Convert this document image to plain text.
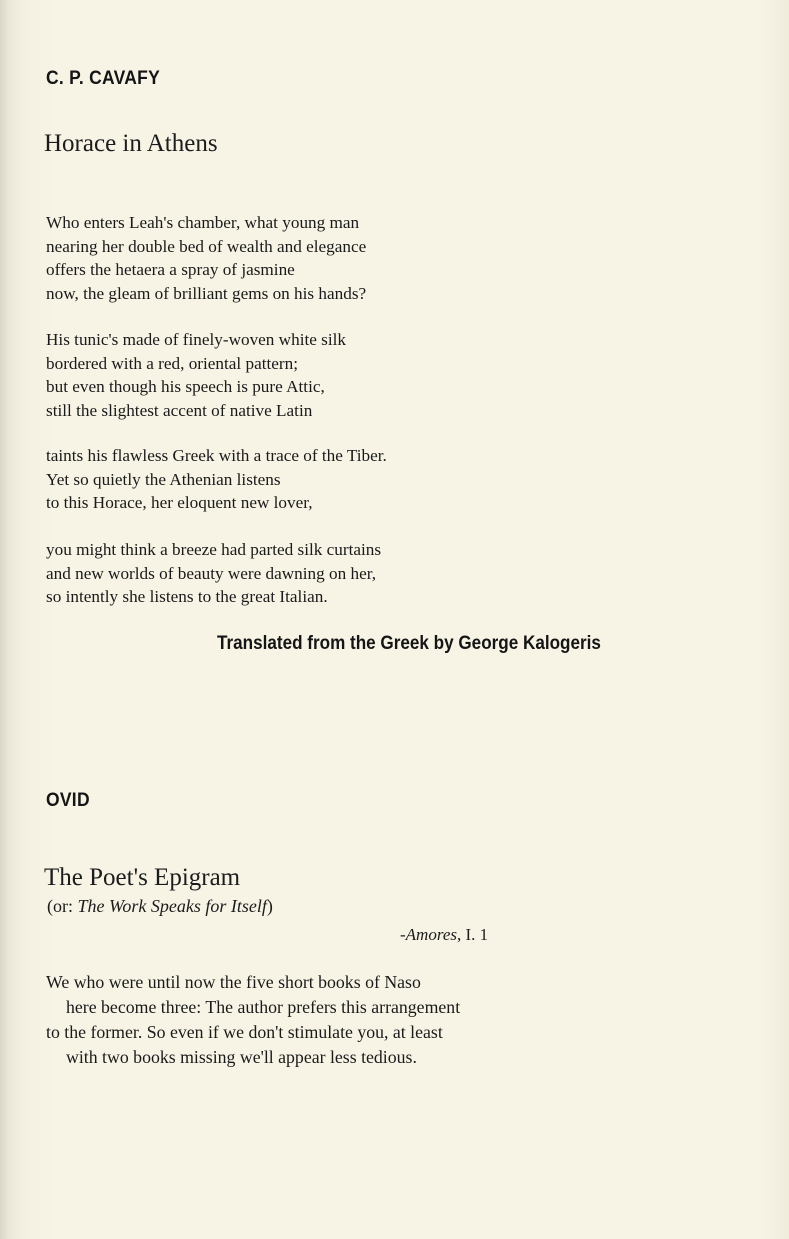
C. P. CAVAFY
Horace in Athens
Who enters Leah's chamber, what young man
nearing her double bed of wealth and elegance
offers the hetaera a spray of jasmine
now, the gleam of brilliant gems on his hands?
His tunic's made of finely-woven white silk
bordered with a red, oriental pattern;
but even though his speech is pure Attic,
still the slightest accent of native Latin
taints his flawless Greek with a trace of the Tiber.
Yet so quietly the Athenian listens
to this Horace, her eloquent new lover,
you might think a breeze had parted silk curtains
and new worlds of beauty were dawning on her,
so intently she listens to the great Italian.
Translated from the Greek by George Kalogeris
OVID
The Poet's Epigram
(or: The Work Speaks for Itself)
-Amores, I. 1
We who were until now the five short books of Naso
here become three: The author prefers this arrangement
to the former. So even if we don't stimulate you, at least
with two books missing we'll appear less tedious.
